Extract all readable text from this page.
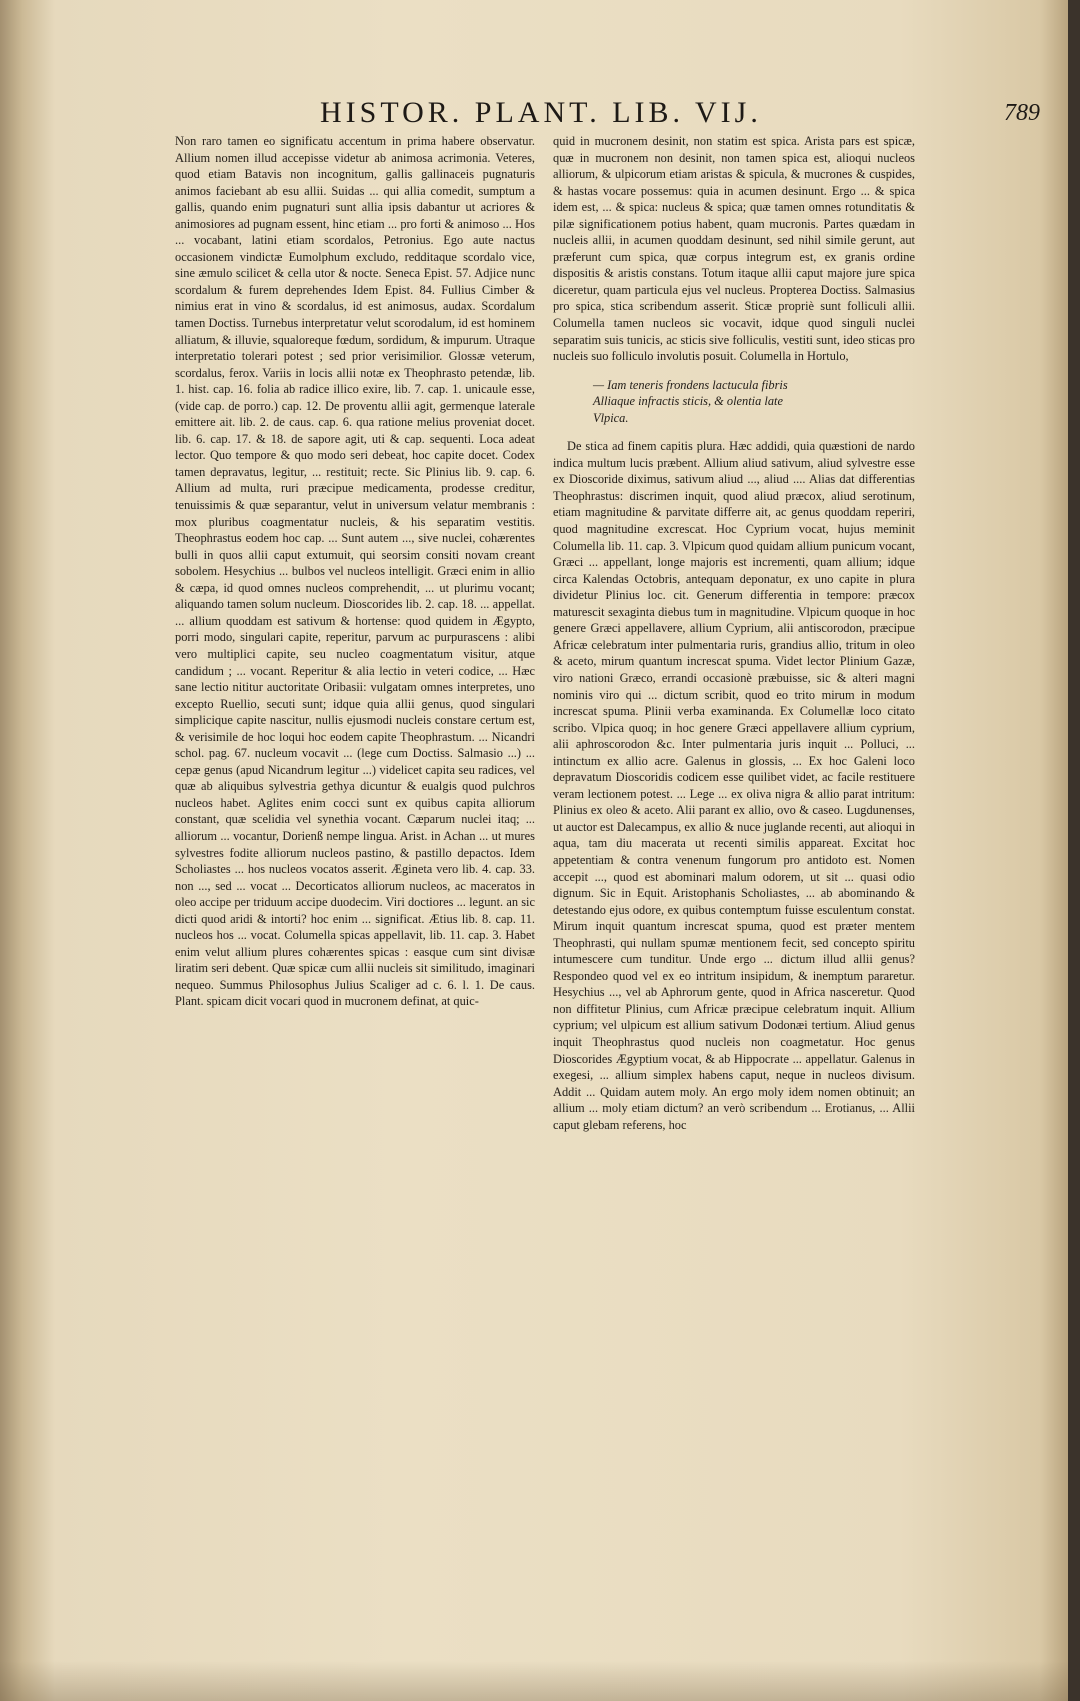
HISTOR. PLANT. LIB. VIJ.	789

Non raro tamen eo significatu accentum in prima habere observatur. Allium nomen illud accepisse videtur ab animosa acrimonia. Veteres, quod etiam Batavis non incognitum, gallis gallinaceis pugnaturis animos faciebant ab esu allii. Suidas ... qui allia comedit, sumptum a gallis, quando enim pugnaturi sunt allia ipsis dabantur ut acriores & animosiores ad pugnam essent, hinc etiam ... pro forti & animoso ... Hos ... vocabant, latini etiam scordalos, Petronius. Ego aute nactus occasionem vindictæ Eumolphum excludo, redditaque scordalo vice, sine æmulo scilicet & cella utor & nocte. Seneca Epist. 57. Adjice nunc scordalum & furem deprehendes Idem Epist. 84. Fullius Cimber & nimius erat in vino & scordalus, id est animosus, audax. Scordalum tamen Doctiss. Turnebus interpretatur velut scorodalum, id est hominem alliatum, & illuvie, squaloreque fœdum, sordidum, & impurum. Utraque interpretatio tolerari potest ; sed prior verisimilior. Glossæ veterum, scordalus, ferox. Variis in locis allii notæ ex Theophrasto petendæ, lib. 1. hist. cap. 16. folia ab radice illico exire, lib. 7. cap. 1. unicaule esse, (vide cap. de porro.) cap. 12. De proventu allii agit, germenque laterale emittere ait. lib. 2. de caus. cap. 6. qua ratione melius proveniat docet. lib. 6. cap. 17. & 18. de sapore agit, uti & cap. sequenti. Loca adeat lector. Quo tempore & quo modo seri debeat, hoc capite docet. Codex tamen depravatus, legitur, ... restituit; recte. Sic Plinius lib. 9. cap. 6. Allium ad multa, ruri præcipue medicamenta, prodesse creditur, tenuissimis & quæ separantur, velut in universum velatur membranis : mox pluribus coagmentatur nucleis, & his separatim vestitis. Theophrastus eodem hoc cap. ... Sunt autem ..., sive nuclei, cohærentes bulli in quos allii caput extumuit, qui seorsim consiti novam creant sobolem. Hesychius ... bulbos vel nucleos intelligit. Græci enim in allio & cæpa, id quod omnes nucleos comprehendit, ... ut plurimu vocant; aliquando tamen solum nucleum. Dioscorides lib. 2. cap. 18. ... appellat. ... allium quoddam est sativum & hortense: quod quidem in Ægypto, porri modo, singulari capite, reperitur, parvum ac purpurascens : alibi vero multiplici capite, seu nucleo coagmentatum visitur, atque candidum ; ... vocant. Reperitur & alia lectio in veteri codice, ... Hæc sane lectio nititur auctoritate Oribasii: vulgatam omnes interpretes, uno excepto Ruellio, secuti sunt; idque quia allii genus, quod singulari simplicique capite nascitur, nullis ejusmodi nucleis constare certum est, & verisimile de hoc loqui hoc eodem capite Theophrastum. ... Nicandri schol. pag. 67. nucleum vocavit ... (lege cum Doctiss. Salmasio ...) ... cepæ genus (apud Nicandrum legitur ...) videlicet capita seu radices, vel quæ ab aliquibus sylvestria gethya dicuntur & eualgis quod pulchros nucleos habet. Aglites enim cocci sunt ex quibus capita alliorum constant, quæ scelidia vel synethia vocant. Cæparum nuclei itaq; ... alliorum ... vocantur, Dorienß nempe lingua. Arist. in Achan ... ut mures sylvestres fodite alliorum nucleos pastino, & pastillo depactos. Idem Scholiastes ... hos nucleos vocatos asserit. Ægineta vero lib. 4. cap. 33. non ..., sed ... vocat ... Decorticatos alliorum nucleos, ac maceratos in oleo accipe per triduum accipe duodecim. Viri doctiores ... legunt. an sic dicti quod aridi & intorti? hoc enim ... significat. Ætius lib. 8. cap. 11. nucleos hos ... vocat. Columella spicas appellavit, lib. 11. cap. 3. Habet enim velut allium plures cohærentes spicas : easque cum sint divisæ liratim seri debent. Quæ spicæ cum allii nucleis sit similitudo, imaginari nequeo. Summus Philosophus Julius Scaliger ad c. 6. l. 1. De caus. Plant. spicam dicit vocari quod in mucronem definat, at quic-

quid in mucronem desinit, non statim est spica. Arista pars est spicæ, quæ in mucronem non desinit, non tamen spica est, alioqui nucleos alliorum, & ulpicorum etiam aristas & spicula, & mucrones & cuspides, & hastas vocare possemus: quia in acumen desinunt. Ergo ... & spica idem est, ... & spica: nucleus & spica; quæ tamen omnes rotunditatis & pilæ significationem potius habent, quam mucronis. Partes quædam in nucleis allii, in acumen quoddam desinunt, sed nihil simile gerunt, aut præferunt cum spica, quæ corpus integrum est, ex granis ordine dispositis & aristis constans. Totum itaque allii caput majore jure spica diceretur, quam particula ejus vel nucleus. Propterea Doctiss. Salmasius pro spica, stica scribendum asserit. Sticæ propriè sunt folliculi allii. Columella tamen nucleos sic vocavit, idque quod singuli nuclei separatim suis tunicis, ac sticis sive folliculis, vestiti sunt, ideo sticas pro nucleis suo folliculo involutis posuit. Columella in Hortulo,

— Iam teneris frondens lactucula fibris
Alliaque infractis sticis, & olentia late
Vlpica.

De stica ad finem capitis plura. Hæc addidi, quia quæstioni de nardo indica multum lucis præbent. Allium aliud sativum, aliud sylvestre esse ex Dioscoride diximus, sativum aliud ..., aliud .... Alias dat differentias Theophrastus: discrimen inquit, quod aliud præcox, aliud serotinum, etiam magnitudine & parvitate differre ait, ac genus quoddam reperiri, quod magnitudine excrescat. Hoc Cyprium vocat, hujus meminit Columella lib. 11. cap. 3. Vlpicum quod quidam allium punicum vocant, Græci ... appellant, longe majoris est incrementi, quam allium; idque circa Kalendas Octobris, antequam deponatur, ex uno capite in plura dividetur Plinius loc. cit. Generum differentia in tempore: præcox maturescit sexaginta diebus tum in magnitudine. Vlpicum quoque in hoc genere Græci appellavere, allium Cyprium, alii antiscorodon, præcipue Africæ celebratum inter pulmentaria ruris, grandius allio, tritum in oleo & aceto, mirum quantum increscat spuma. Videt lector Plinium Gazæ, viro nationi Græco, errandi occasionè præbuisse, sic & alteri magni nominis viro qui ... dictum scribit, quod eo trito mirum in modum increscat spuma. Plinii verba examinanda. Ex Columellæ loco citato scribo. Vlpica quoq; in hoc genere Græci appellavere allium cyprium, alii aphroscorodon &c. Inter pulmentaria juris inquit ... Polluci, ... intinctum ex allio acre. Galenus in glossis, ... Ex hoc Galeni loco depravatum Dioscoridis codicem esse quilibet videt, ac facile restituere veram lectionem potest. ... Lege ... ex oliva nigra & allio parat intritum: Plinius ex oleo & aceto. Alii parant ex allio, ovo & caseo. Lugdunenses, ut auctor est Dalecampus, ex allio & nuce juglande recenti, aut alioqui in aqua, tam diu macerata ut recenti similis appareat. Excitat hoc appetentiam & contra venenum fungorum pro antidoto est. Nomen accepit ..., quod est abominari malum odorem, ut sit ... quasi odio dignum. Sic in Equit. Aristophanis Scholiastes, ... ab abominando & detestando ejus odore, ex quibus contemptum fuisse esculentum constat. Mirum inquit quantum increscat spuma, quod est præter mentem Theophrasti, qui nullam spumæ mentionem fecit, sed concepto spiritu intumescere cum tunditur. Unde ergo ... dictum illud allii genus? Respondeo quod vel ex eo intritum insipidum, & inemptum pararetur. Hesychius ..., vel ab Aphrorum gente, quod in Africa nasceretur. Quod non diffitetur Plinius, cum Africæ præcipue celebratum inquit. Allium cyprium; vel ulpicum est allium sativum Dodonæi tertium. Aliud genus inquit Theophrastus quod nucleis non coagmetatur. Hoc genus Dioscorides Ægyptium vocat, & ab Hippocrate ... appellatur. Galenus in exegesi, ... allium simplex habens caput, neque in nucleos divisum. Addit ... Quidam autem moly. An ergo moly idem nomen obtinuit; an allium ... moly etiam dictum? an verò scribendum ... Erotianus, ... Allii caput glebam referens, hoc
